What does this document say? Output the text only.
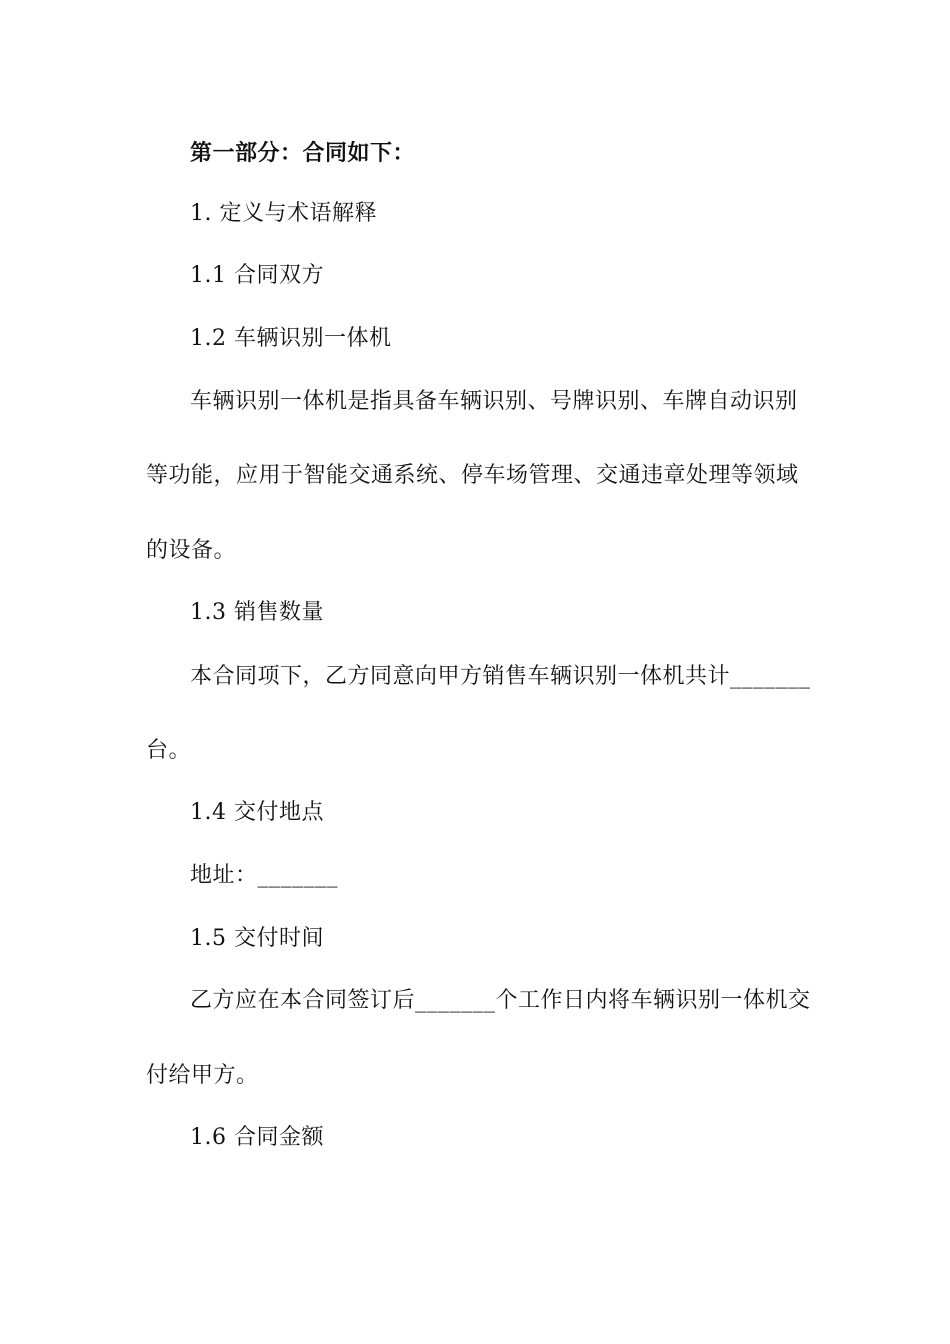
第一部分：合同如下：
1. 定义与术语解释
1.1 合同双方
1.2 车辆识别一体机
车辆识别一体机是指具备车辆识别、号牌识别、车牌自动识别
等功能，应用于智能交通系统、停车场管理、交通违章处理等领域
的设备。
1.3 销售数量
本合同项下，乙方同意向甲方销售车辆识别一体机共计_______
台。
1.4 交付地点
地址：_______
1.5 交付时间
乙方应在本合同签订后_______个工作日内将车辆识别一体机交
付给甲方。
1.6 合同金额
